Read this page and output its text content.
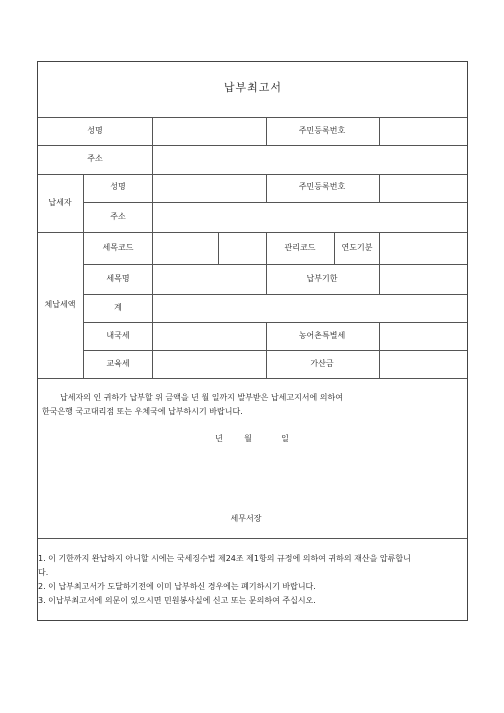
납부최고서
성명	주민등록번호
주소
납세자
성명	주민등록번호
주소
체납세액
세목코드	관리코드	연도기분
세목명	납부기한
계
내국세	농어촌특별세
교육세	가산금
납세자의 인 귀하가 납부할 위 금액을 년 월 일까지 발부받은 납세고지서에 의하여
한국은행 국고대리점 또는 우체국에 납부하시기 바랍니다.
년	월	일
세무서장
1. 이 기한까지 완납하지 아니할 시에는 국세징수법 제24조 제1항의 규정에 의하여 귀하의 재산을 압류합니
다.
2. 이 납부최고서가 도달하기전에 이미 납부하신 경우에는 폐기하시기 바랍니다.
3. 이납부최고서에 의문이 있으시면 민원봉사실에 신고 또는 문의하여 주십시오.
